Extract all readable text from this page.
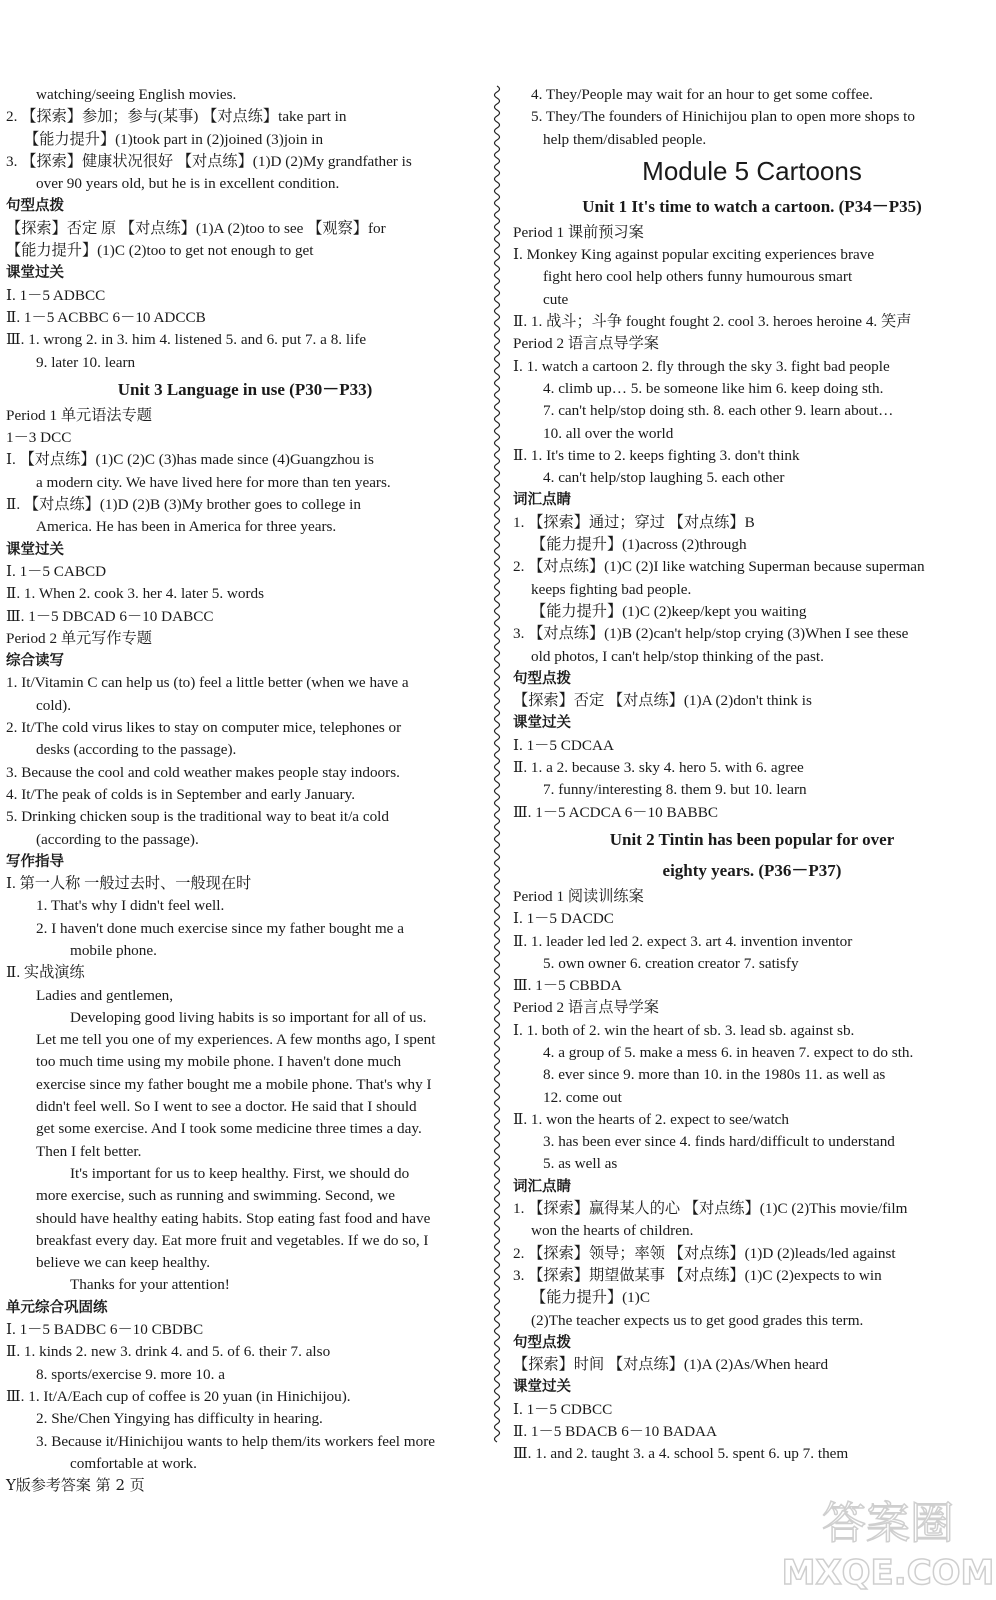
watching/seeing English movies.
2. 【探索】参加；参与(某事) 【对点练】take part in
【能力提升】(1)took part in (2)joined (3)join in
3. 【探索】健康状况很好 【对点练】(1)D (2)My grandfather is
over 90 years old, but he is in excellent condition.
句型点拨
【探索】否定 原 【对点练】(1)A (2)too to see 【观察】for
【能力提升】(1)C (2)too to get not enough to get
课堂过关
Ⅰ. 1－5 ADBCC
Ⅱ. 1－5 ACBBC 6－10 ADCCB
Ⅲ. 1. wrong 2. in 3. him 4. listened 5. and 6. put 7. a 8. life
9. later 10. learn
Unit 3 Language in use (P30－P33)
Period 1 单元语法专题
1－3 DCC
Ⅰ. 【对点练】(1)C (2)C (3)has made since (4)Guangzhou is
a modern city. We have lived here for more than ten years.
Ⅱ. 【对点练】(1)D (2)B (3)My brother goes to college in
America. He has been in America for three years.
课堂过关
Ⅰ. 1－5 CABCD
Ⅱ. 1. When 2. cook 3. her 4. later 5. words
Ⅲ. 1－5 DBCAD 6－10 DABCC
Period 2 单元写作专题
综合读写
1. It/Vitamin C can help us (to) feel a little better (when we have a
cold).
2. It/The cold virus likes to stay on computer mice, telephones or
desks (according to the passage).
3. Because the cool and cold weather makes people stay indoors.
4. It/The peak of colds is in September and early January.
5. Drinking chicken soup is the traditional way to beat it/a cold
(according to the passage).
写作指导
Ⅰ. 第一人称 一般过去时、一般现在时
1. That's why I didn't feel well.
2. I haven't done much exercise since my father bought me a
mobile phone.
Ⅱ. 实战演练
Ladies and gentlemen,
Developing good living habits is so important for all of us.
Let me tell you one of my experiences. A few months ago, I spent
too much time using my mobile phone. I haven't done much
exercise since my father bought me a mobile phone. That's why I
didn't feel well. So I went to see a doctor. He said that I should
get some exercise. And I took some medicine three times a day.
Then I felt better.
It's important for us to keep healthy. First, we should do
more exercise, such as running and swimming. Second, we
should have healthy eating habits. Stop eating fast food and have
breakfast every day. Eat more fruit and vegetables. If we do so, I
believe we can keep healthy.
Thanks for your attention!
单元综合巩固练
Ⅰ. 1－5 BADBC 6－10 CBDBC
Ⅱ. 1. kinds 2. new 3. drink 4. and 5. of 6. their 7. also
8. sports/exercise 9. more 10. a
Ⅲ. 1. It/A/Each cup of coffee is 20 yuan (in Hinichijou).
2. She/Chen Yingying has difficulty in hearing.
3. Because it/Hinichijou wants to help them/its workers feel more
comfortable at work.
4. They/People may wait for an hour to get some coffee.
5. They/The founders of Hinichijou plan to open more shops to
help them/disabled people.
Module 5 Cartoons
Unit 1 It's time to watch a cartoon. (P34－P35)
Period 1 课前预习案
Ⅰ. Monkey King against popular exciting experiences brave
fight hero cool help others funny humourous smart
cute
Ⅱ. 1. 战斗；斗争 fought fought 2. cool 3. heroes heroine 4. 笑声
Period 2 语言点导学案
Ⅰ. 1. watch a cartoon 2. fly through the sky 3. fight bad people
4. climb up… 5. be someone like him 6. keep doing sth.
7. can't help/stop doing sth. 8. each other 9. learn about…
10. all over the world
Ⅱ. 1. It's time to 2. keeps fighting 3. don't think
4. can't help/stop laughing 5. each other
词汇点睛
1. 【探索】通过；穿过 【对点练】B
【能力提升】(1)across (2)through
2. 【对点练】(1)C (2)I like watching Superman because superman
keeps fighting bad people.
【能力提升】(1)C (2)keep/kept you waiting
3. 【对点练】(1)B (2)can't help/stop crying (3)When I see these
old photos, I can't help/stop thinking of the past.
句型点拨
【探索】否定 【对点练】(1)A (2)don't think is
课堂过关
Ⅰ. 1－5 CDCAA
Ⅱ. 1. a 2. because 3. sky 4. hero 5. with 6. agree
7. funny/interesting 8. them 9. but 10. learn
Ⅲ. 1－5 ACDCA 6－10 BABBC
Unit 2 Tintin has been popular for over
eighty years. (P36－P37)
Period 1 阅读训练案
Ⅰ. 1－5 DACDC
Ⅱ. 1. leader led led 2. expect 3. art 4. invention inventor
5. own owner 6. creation creator 7. satisfy
Ⅲ. 1－5 CBBDA
Period 2 语言点导学案
Ⅰ. 1. both of 2. win the heart of sb. 3. lead sb. against sb.
4. a group of 5. make a mess 6. in heaven 7. expect to do sth.
8. ever since 9. more than 10. in the 1980s 11. as well as
12. come out
Ⅱ. 1. won the hearts of 2. expect to see/watch
3. has been ever since 4. finds hard/difficult to understand
5. as well as
词汇点睛
1. 【探索】赢得某人的心 【对点练】(1)C (2)This movie/film
won the hearts of children.
2. 【探索】领导；率领 【对点练】(1)D (2)leads/led against
3. 【探索】期望做某事 【对点练】(1)C (2)expects to win
【能力提升】(1)C
(2)The teacher expects us to get good grades this term.
句型点拨
【探索】时间 【对点练】(1)A (2)As/When heard
课堂过关
Ⅰ. 1－5 CDBCC
Ⅱ. 1－5 BDACB 6－10 BADAA
Ⅲ. 1. and 2. taught 3. a 4. school 5. spent 6. up 7. them
Y版参考答案 第 2 页
答案圈
MXQE.COM
